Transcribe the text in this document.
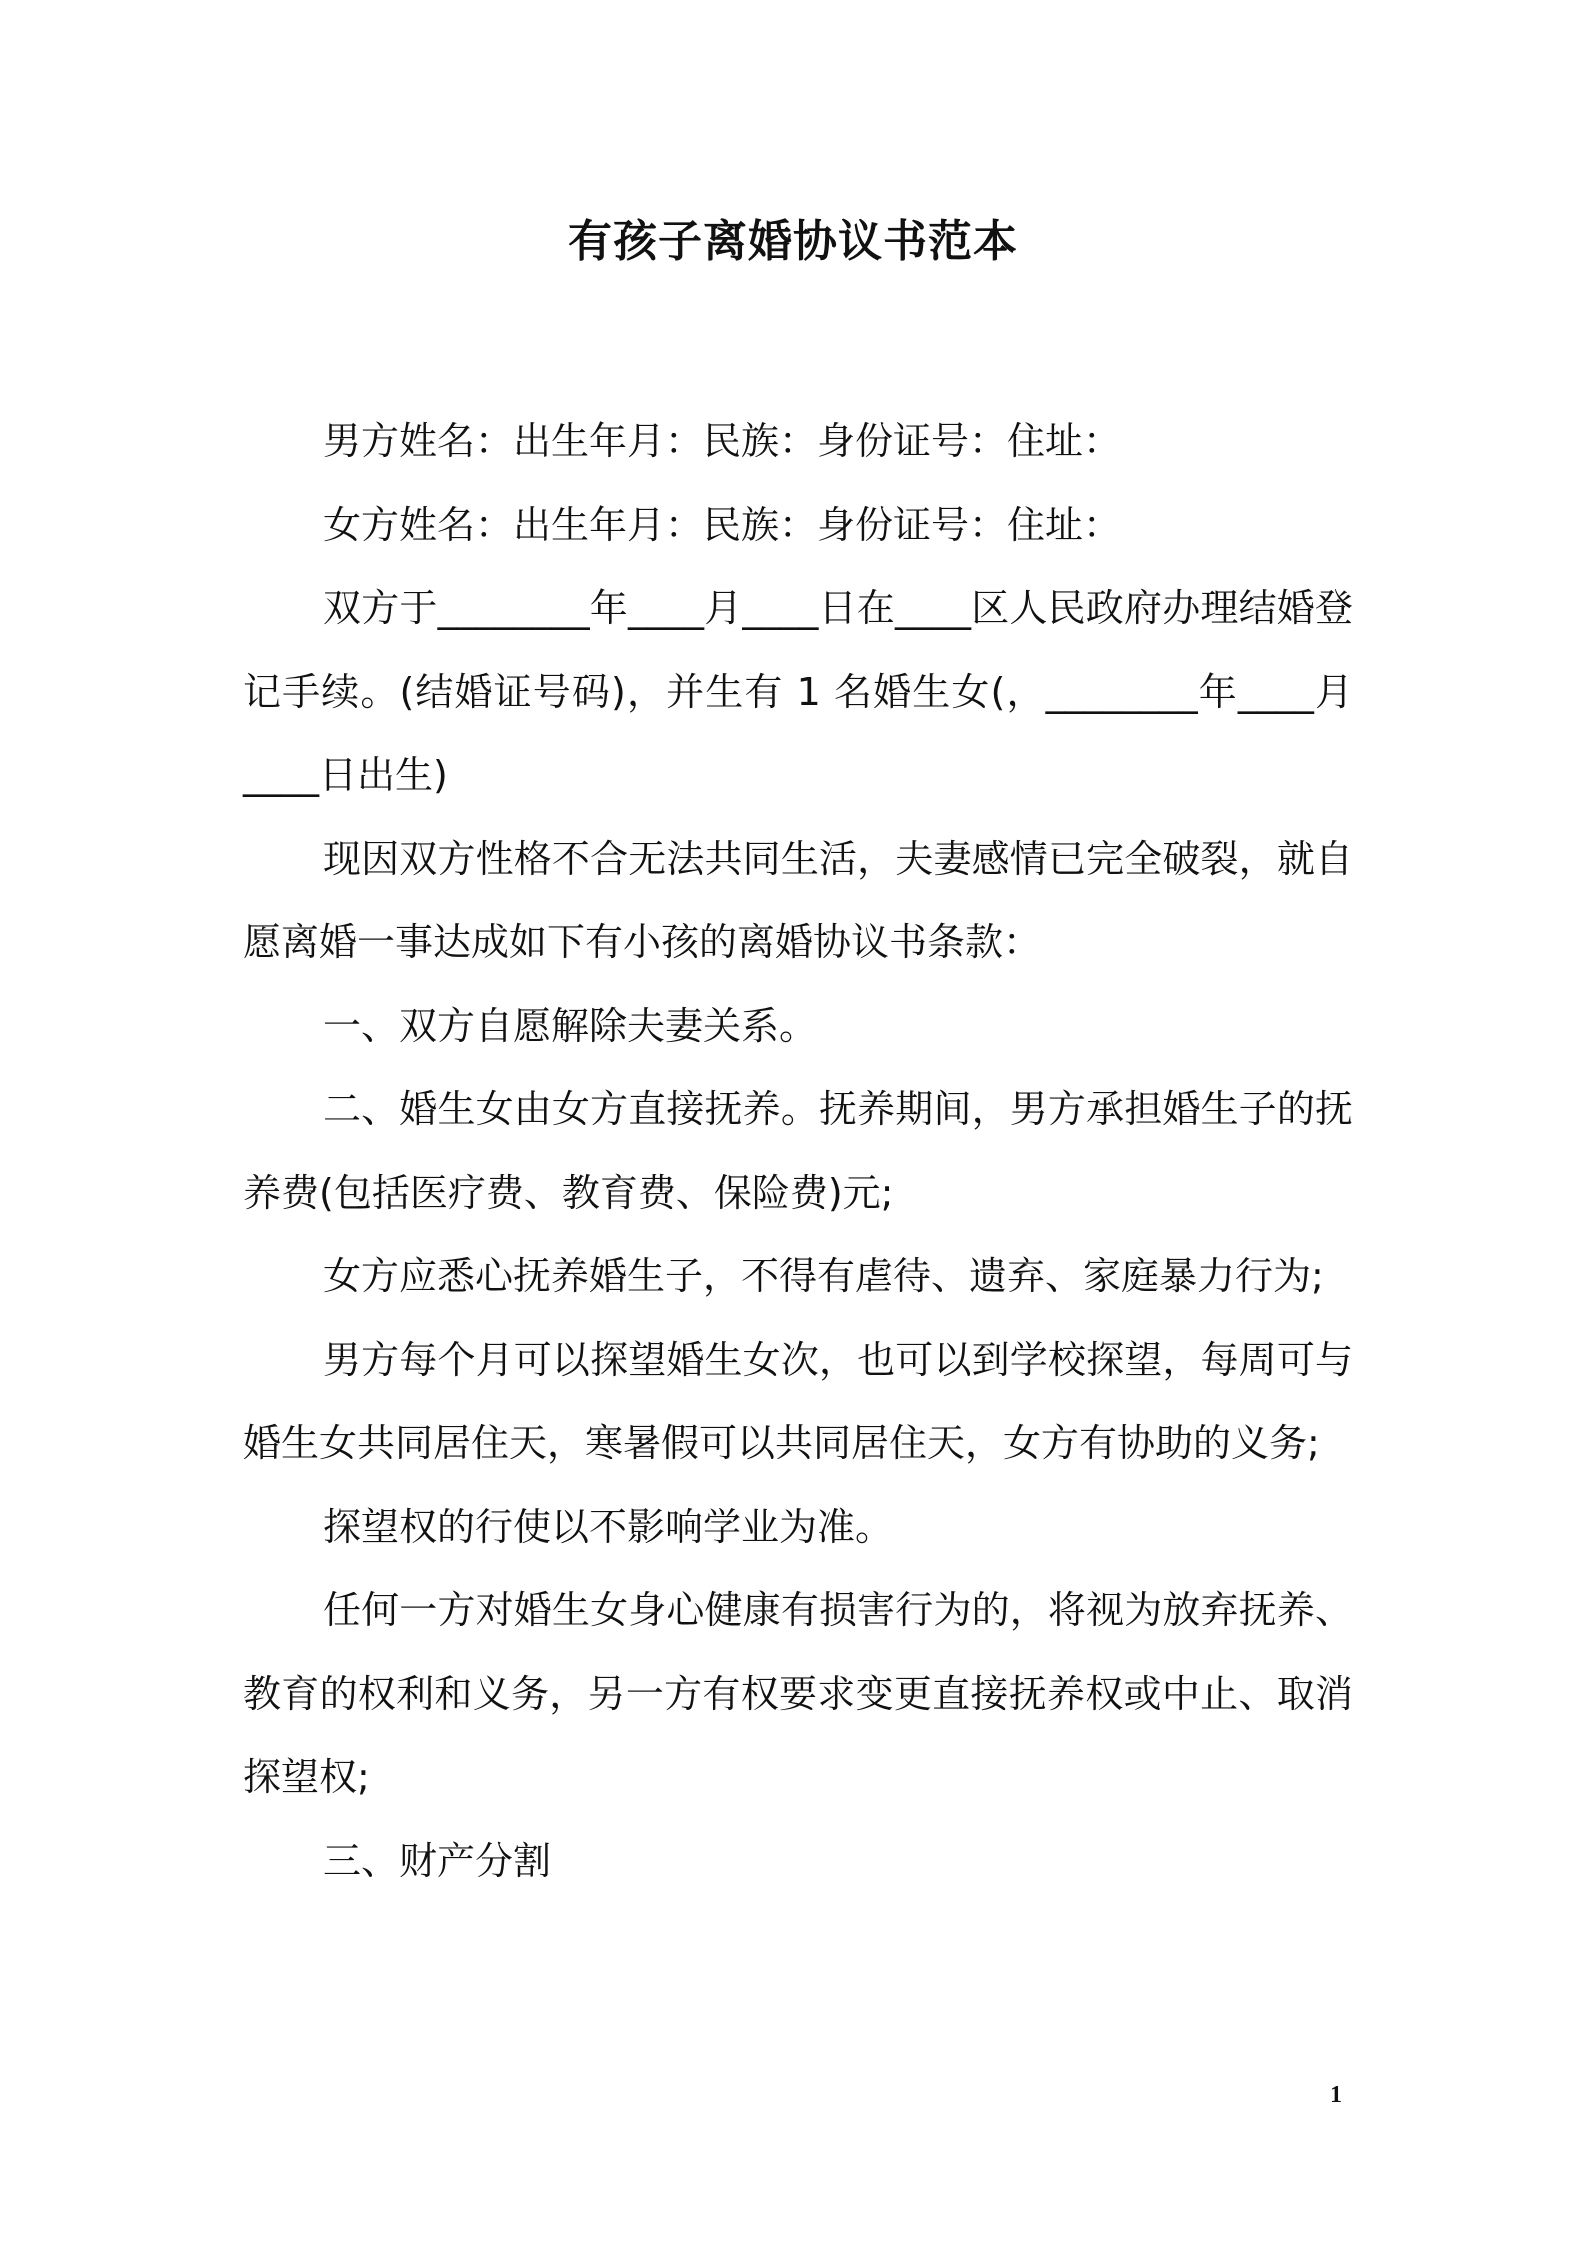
有孩子离婚协议书范本

男方姓名：出生年月：民族：身份证号：住址：

女方姓名：出生年月：民族：身份证号：住址：

双方于________年____月____日在____区人民政府办理结婚登记手续。(结婚证号码)，并生有 1 名婚生女(，________年____月____日出生)

现因双方性格不合无法共同生活，夫妻感情已完全破裂，就自愿离婚一事达成如下有小孩的离婚协议书条款：

一、双方自愿解除夫妻关系。

二、婚生女由女方直接抚养。抚养期间，男方承担婚生子的抚养费(包括医疗费、教育费、保险费)元;

女方应悉心抚养婚生子，不得有虐待、遗弃、家庭暴力行为;

男方每个月可以探望婚生女次，也可以到学校探望，每周可与婚生女共同居住天，寒暑假可以共同居住天，女方有协助的义务;

探望权的行使以不影响学业为准。

任何一方对婚生女身心健康有损害行为的，将视为放弃抚养、教育的权利和义务，另一方有权要求变更直接抚养权或中止、取消探望权;

三、财产分割

1
